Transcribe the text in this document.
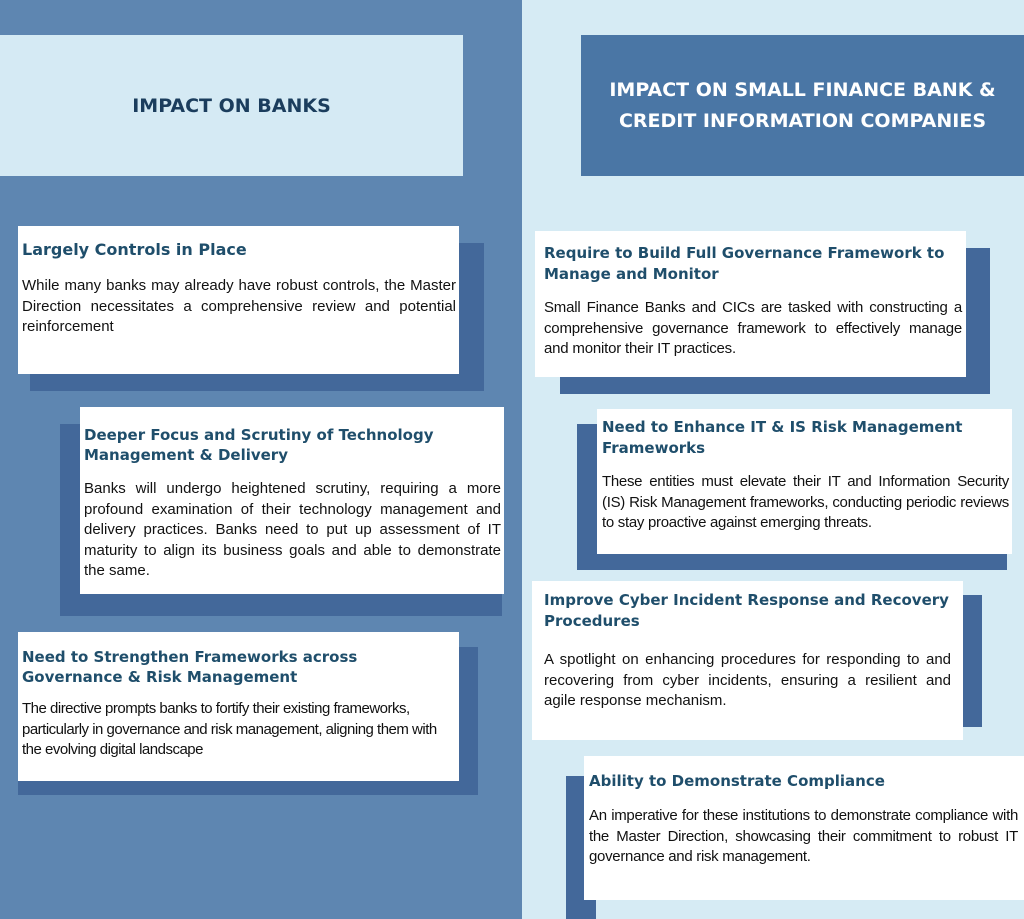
IMPACT ON BANKS
IMPACT ON SMALL FINANCE BANK &
CREDIT INFORMATION COMPANIES
Largely Controls in Place

While many banks may already have robust controls, the Master Direction necessitates a comprehensive review and potential reinforcement

Deeper Focus and Scrutiny of Technology Management & Delivery

Banks will undergo heightened scrutiny, requiring a more profound examination of their technology management and delivery practices. Banks need to put up assessment of IT maturity to align its business goals and able to demonstrate the same.

Need to Strengthen Frameworks across Governance & Risk Management

The directive prompts banks to fortify their existing frameworks, particularly in governance and risk management, aligning them with the evolving digital landscape

Require to Build Full Governance Framework to Manage and Monitor

Small Finance Banks and CICs are tasked with constructing a comprehensive governance framework to effectively manage and monitor their IT practices.

Need to Enhance IT & IS Risk Management Frameworks

These entities must elevate their IT and Information Security (IS) Risk Management frameworks, conducting periodic reviews to stay proactive against emerging threats.

Improve Cyber Incident Response and Recovery Procedures

A spotlight on enhancing procedures for responding to and recovering from cyber incidents, ensuring a resilient and agile response mechanism.

Ability to Demonstrate Compliance

An imperative for these institutions to demonstrate compliance with the Master Direction, showcasing their commitment to robust IT governance and risk management.
